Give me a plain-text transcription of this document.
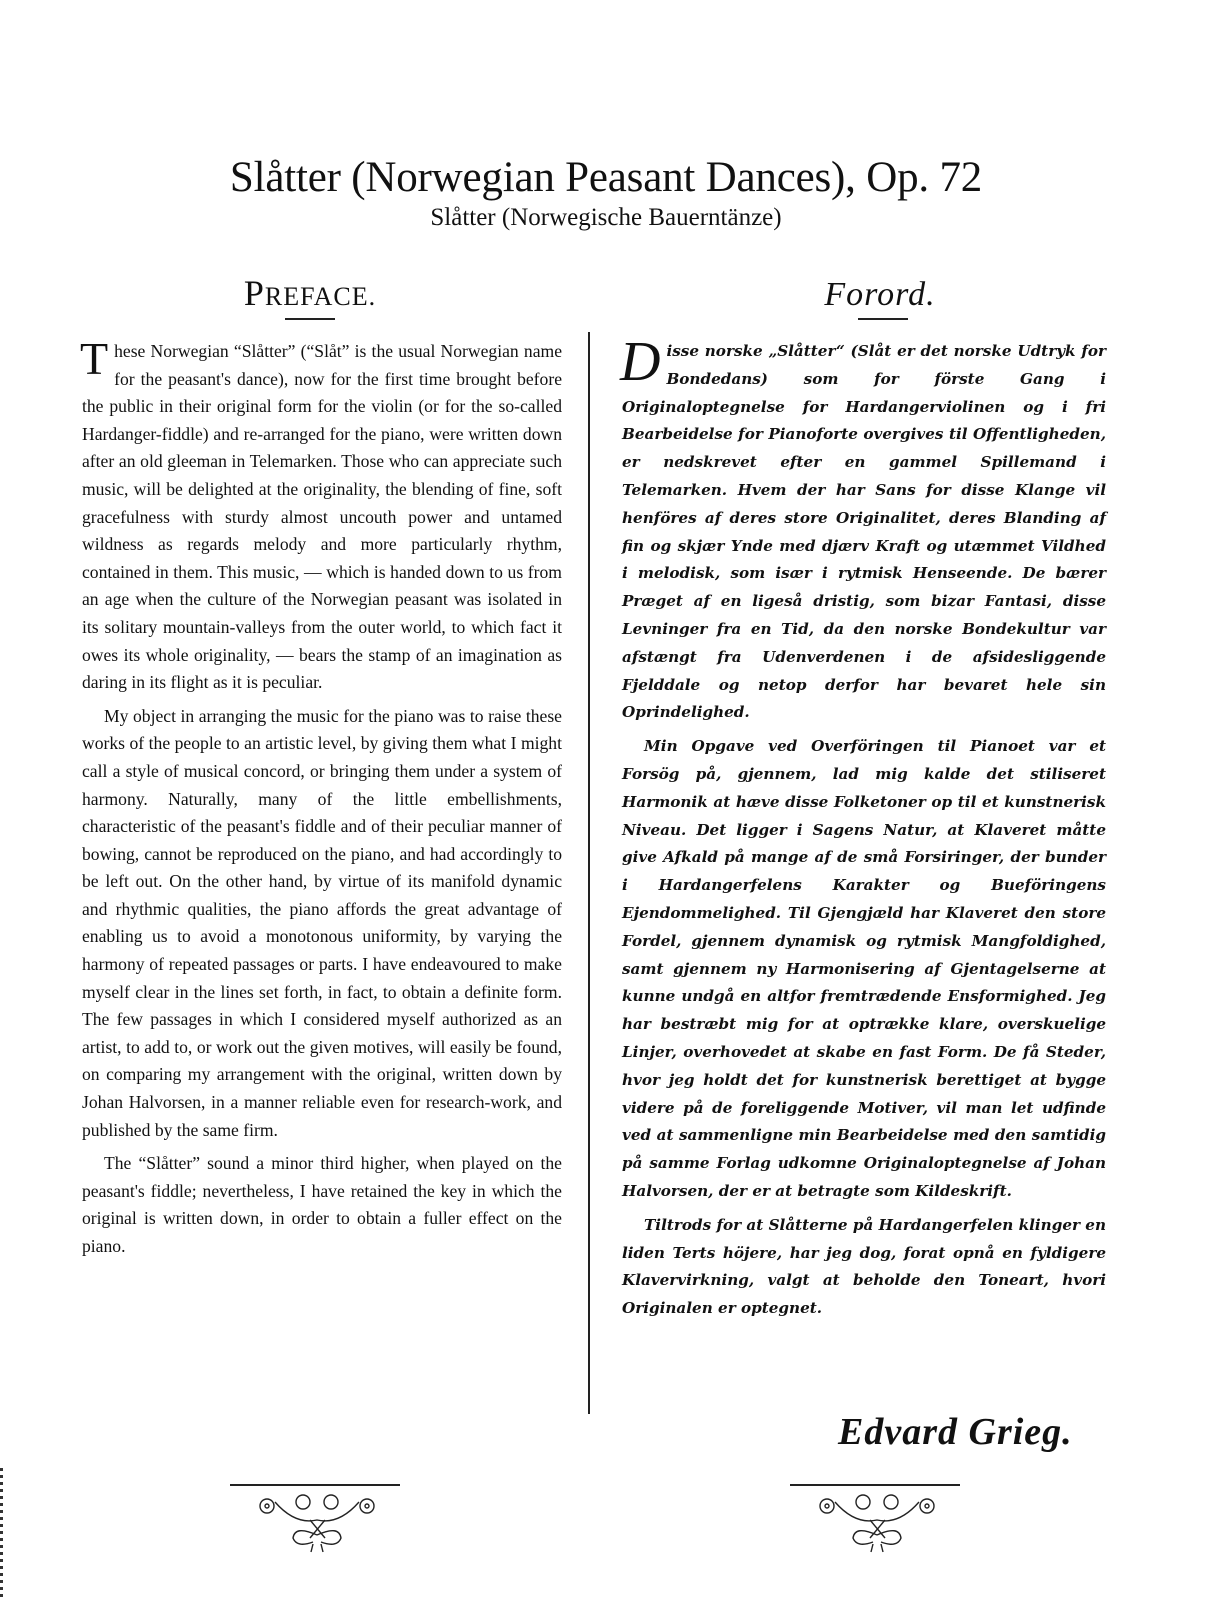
Slåtter (Norwegian Peasant Dances), Op. 72
Slåtter (Norwegische Bauerntänze)
PREFACE.	Forord.

These Norwegian “Slåtter” (“Slåt” is the usual Norwegian name for the peasant's dance), now for the first time brought before the public in their original form for the violin (or for the so-called Hardanger-fiddle) and re-arranged for the piano, were written down after an old gleeman in Telemarken. Those who can appreciate such music, will be delighted at the originality, the blending of fine, soft gracefulness with sturdy almost uncouth power and untamed wildness as regards melody and more particularly rhythm, contained in them. This music, — which is handed down to us from an age when the culture of the Norwegian peasant was isolated in its solitary mountain-valleys from the outer world, to which fact it owes its whole originality, — bears the stamp of an imagination as daring in its flight as it is peculiar.

My object in arranging the music for the piano was to raise these works of the people to an artistic level, by giving them what I might call a style of musical concord, or bringing them under a system of harmony. Naturally, many of the little embellishments, characteristic of the peasant's fiddle and of their peculiar manner of bowing, cannot be reproduced on the piano, and had accordingly to be left out. On the other hand, by virtue of its manifold dynamic and rhythmic qualities, the piano affords the great advantage of enabling us to avoid a monotonous uniformity, by varying the harmony of repeated passages or parts. I have endeavoured to make myself clear in the lines set forth, in fact, to obtain a definite form. The few passages in which I considered myself authorized as an artist, to add to, or work out the given motives, will easily be found, on comparing my arrangement with the original, written down by Johan Halvorsen, in a manner reliable even for research-work, and published by the same firm.

The “Slåtter” sound a minor third higher, when played on the peasant's fiddle; nevertheless, I have retained the key in which the original is written down, in order to obtain a fuller effect on the piano.

Disse norske „Slåtter“ (Slåt er det norske Udtryk for Bondedans) som for förste Gang i Originaloptegnelse for Hardangerviolinen og i fri Bearbeidelse for Pianoforte overgives til Offentligheden, er nedskrevet efter en gammel Spillemand i Telemarken. Hvem der har Sans for disse Klange vil henföres af deres store Originalitet, deres Blanding af fin og skjær Ynde med djærv Kraft og utæmmet Vildhed i melodisk, som især i rytmisk Henseende. De bærer Præget af en ligeså dristig, som bizar Fantasi, disse Levninger fra en Tid, da den norske Bondekultur var afstængt fra Udenverdenen i de afsidesliggende Fjelddale og netop derfor har bevaret hele sin Oprindelighed.

Min Opgave ved Overföringen til Pianoet var et Forsög på, gjennem, lad mig kalde det stiliseret Harmonik at hæve disse Folketoner op til et kunstnerisk Niveau. Det ligger i Sagens Natur, at Klaveret måtte give Afkald på mange af de små Forsiringer, der bunder i Hardangerfelens Karakter og Bueföringens Ejendommelighed. Til Gjengjæld har Klaveret den store Fordel, gjennem dynamisk og rytmisk Mangfoldighed, samt gjennem ny Harmonisering af Gjentagelserne at kunne undgå en altfor fremtrædende Ensformighed. Jeg har bestræbt mig for at optrække klare, overskuelige Linjer, overhovedet at skabe en fast Form. De få Steder, hvor jeg holdt det for kunstnerisk berettiget at bygge videre på de foreliggende Motiver, vil man let udfinde ved at sammenligne min Bearbeidelse med den samtidig på samme Forlag udkomne Originaloptegnelse af Johan Halvorsen, der er at betragte som Kildeskrift.

Tiltrods for at Slåtterne på Hardangerfelen klinger en liden Terts höjere, har jeg dog, forat opnå en fyldigere Klavervirkning, valgt at beholde den Toneart, hvori Originalen er optegnet.

Edvard Grieg.
